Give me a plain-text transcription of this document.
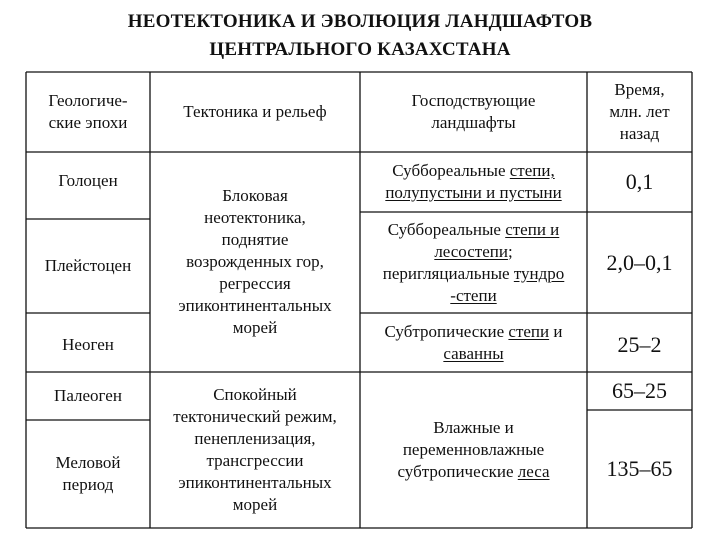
НЕОТЕКТОНИКА И ЭВОЛЮЦИЯ ЛАНДШАФТОВ
ЦЕНТРАЛЬНОГО КАЗАХСТАНА
Геологиче-
ские эпохи
Тектоника и рельеф
Господствующие
ландшафты
Время,
млн. лет
назад
Голоцен
Плейстоцен
Неоген
Палеоген
Меловой
период
Блоковая
неотектоника,
поднятие
возрожденных гор,
регрессия
эпиконтинентальных
морей
Спокойный
тектонический режим,
пенепленизация,
трансгрессии
эпиконтинентальных
морей
Суббореальные степи,
полупустыни и пустыни
Суббореальные степи и
лесостепи;
перигляциальные тундро
-степи
Субтропические степи и
саванны
Влажные и
переменновлажные
субтропические леса
0,1
2,0–0,1
25–2
65–25
135–65
